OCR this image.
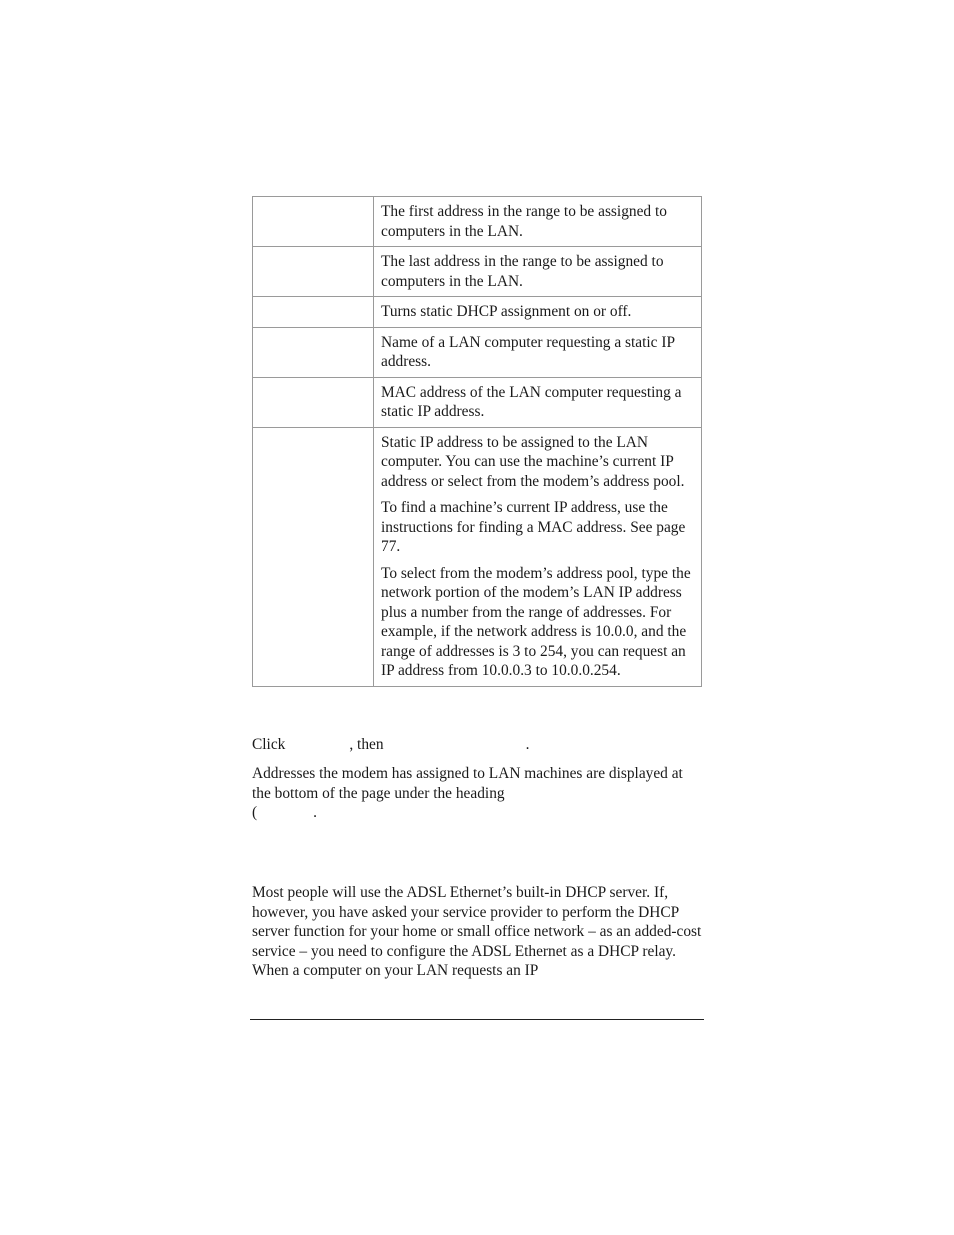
	The first address in the range to be assigned to computers in the LAN.

	The last address in the range to be assigned to computers in the LAN.

	Turns static DHCP assignment on or off.

	Name of a LAN computer requesting a static IP address.

	MAC address of the LAN computer requesting a static IP address.

	Static IP address to be assigned to the LAN computer. You can use the machine’s current IP address or select from the modem’s address pool.

To find a machine’s current IP address, use the instructions for finding a MAC address. See page 77.

To select from the modem’s address pool, type the network portion of the modem’s LAN IP address plus a number from the range of addresses. For example, if the network address is 10.0.0, and the range of addresses is 3 to 254, you can request an IP address from 10.0.0.3 to 10.0.0.254.

Click	, then	.

Addresses the modem has assigned to LAN machines are displayed at the bottom of the page under the heading
(	.

Most people will use the ADSL Ethernet’s built-in DHCP server. If, however, you have asked your service provider to perform the DHCP server function for your home or small office network – as an added-cost service – you need to configure the ADSL Ethernet as a DHCP relay. When a computer on your LAN requests an IP
